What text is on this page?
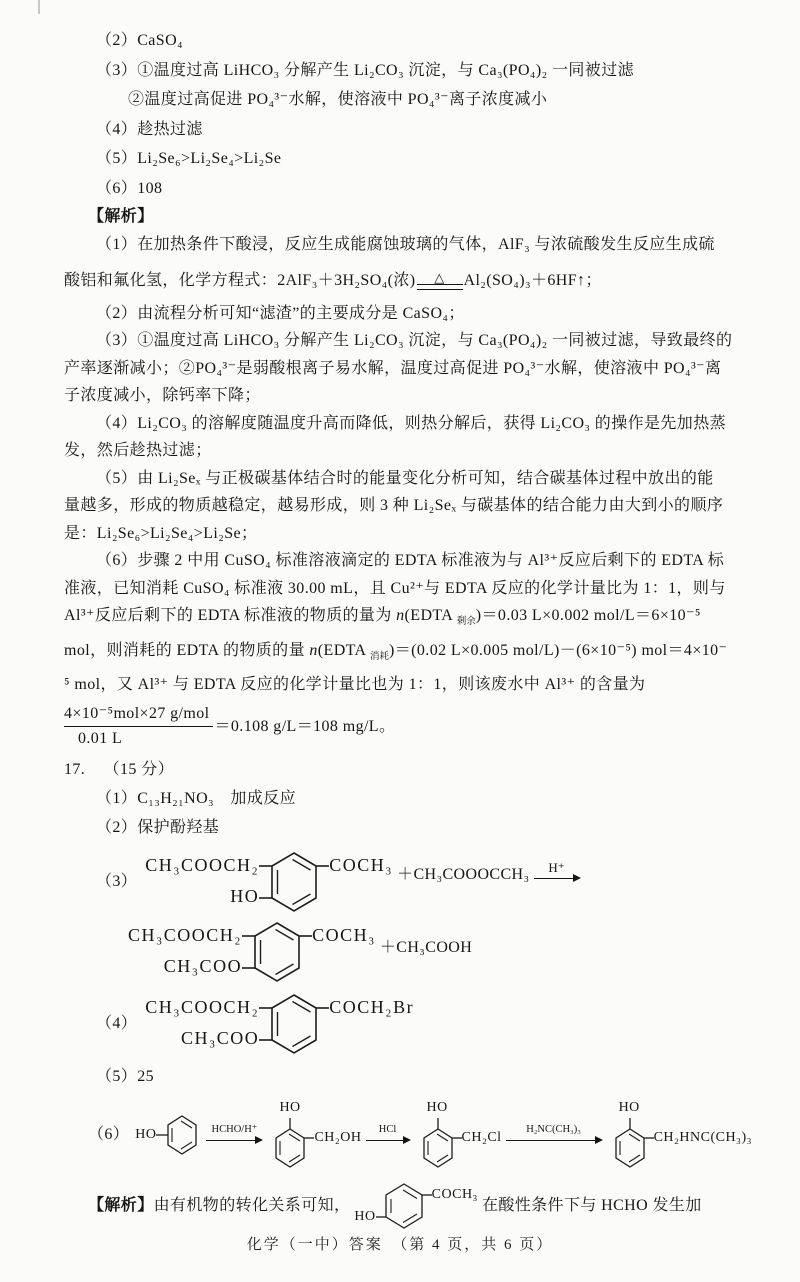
（2）CaSO₄
（3）①温度过高 LiHCO₃ 分解产生 Li₂CO₃ 沉淀，与 Ca₃(PO₄)₂ 一同被过滤
②温度过高促进 PO₄³⁻水解，使溶液中 PO₄³⁻离子浓度减小
（4）趁热过滤
（5）Li₂Se₆>Li₂Se₄>Li₂Se
（6）108
【解析】
（1）在加热条件下酸浸，反应生成能腐蚀玻璃的气体，AlF₃ 与浓硫酸发生反应生成硫
酸铝和氟化氢，化学方程式：2AlF₃＋3H₂SO₄(浓) △ Al₂(SO₄)₃＋6HF↑；
（2）由流程分析可知“滤渣”的主要成分是 CaSO₄；
（3）①温度过高 LiHCO₃ 分解产生 Li₂CO₃ 沉淀，与 Ca₃(PO₄)₂ 一同被过滤，导致最终的
产率逐渐减小；②PO₄³⁻是弱酸根离子易水解，温度过高促进 PO₄³⁻水解，使溶液中 PO₄³⁻离
子浓度减小，除钙率下降；
（4）Li₂CO₃ 的溶解度随温度升高而降低，则热分解后，获得 Li₂CO₃ 的操作是先加热蒸
发，然后趁热过滤；
（5）由 Li₂Seₓ 与正极碳基体结合时的能量变化分析可知，结合碳基体过程中放出的能
量越多，形成的物质越稳定，越易形成，则 3 种 Li₂Seₓ 与碳基体的结合能力由大到小的顺序
是：Li₂Se₆>Li₂Se₄>Li₂Se；
（6）步骤 2 中用 CuSO₄ 标准溶液滴定的 EDTA 标准液为与 Al³⁺反应后剩下的 EDTA 标
准液，已知消耗 CuSO₄ 标准液 30.00 mL，且 Cu²⁺与 EDTA 反应的化学计量比为 1：1，则与
Al³⁺反应后剩下的 EDTA 标准液的物质的量为 n(EDTA $_{剩余}$)＝0.03 L×0.002 mol/L＝6×10⁻⁵
mol，则消耗的 EDTA 的物质的量 n(EDTA $_{消耗}$)＝(0.02 L×0.005 mol/L)－(6×10⁻⁵) mol＝4×10⁻
⁵ mol，又 Al³⁺ 与 EDTA 反应的化学计量比也为 1：1，则该废水中 Al³⁺ 的含量为
$\frac{\text{4×10⁻⁵mol×27 g/mol}}{0.01 L} =0.108$ g/L＝108 mg/L。
17. （15 分）
（1）C₁₃H₂₁NO₃　加成反应
（2）保护酚羟基
（3）
CH₃COOCH₂
HO
COCH₃ ＋CH₃COOOCCH₃ H⁺
CH₃COOCH₂
CH₃COO
COCH₃
＋CH₃COOH
（4）
CH₃COOCH₂
CH₃COO
COCH₂Br
（5）25
（6） HO	HCHO/H⁺
HO
CH₂OH HCl
HO
CH₂Cl H₂NC(CH₃)₃
HO
CH₂HNC(CH₃)₃
【解析】 由有机物的转化关系可知，
HO
COCH₃
在酸性条件下与 HCHO 发生加
化学（一中）答案　（第 4 页，共 6 页）
